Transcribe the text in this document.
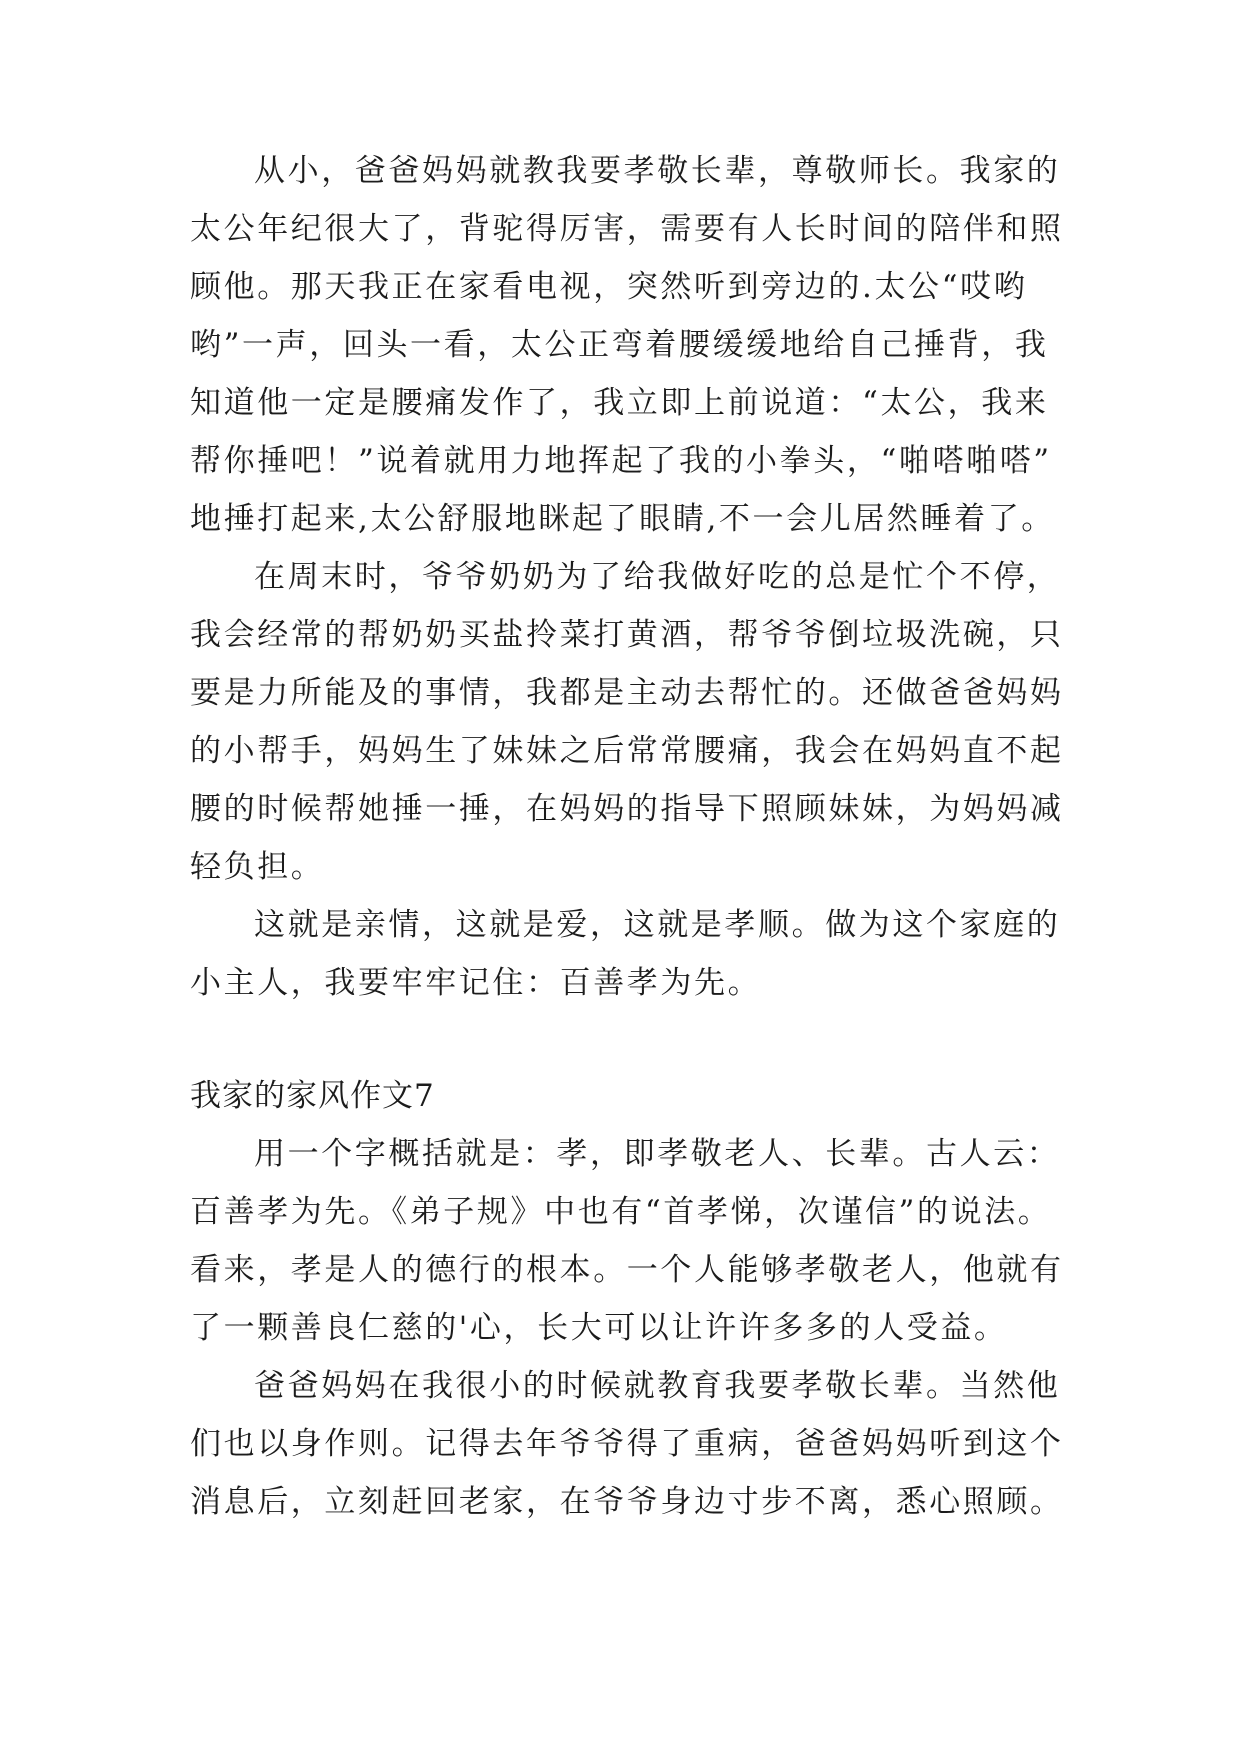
从小，爸爸妈妈就教我要孝敬长辈，尊敬师长。我家的
太公年纪很大了，背驼得厉害，需要有人长时间的陪伴和照
顾他。那天我正在家看电视，突然听到旁边的.太公“哎哟
哟”一声，回头一看，太公正弯着腰缓缓地给自己捶背，我
知道他一定是腰痛发作了，我立即上前说道：“太公，我来
帮你捶吧！”说着就用力地挥起了我的小拳头，“啪嗒啪嗒”
地捶打起来,太公舒服地眯起了眼睛,不一会儿居然睡着了。
在周末时，爷爷奶奶为了给我做好吃的总是忙个不停，
我会经常的帮奶奶买盐拎菜打黄酒，帮爷爷倒垃圾洗碗，只
要是力所能及的事情，我都是主动去帮忙的。还做爸爸妈妈
的小帮手，妈妈生了妹妹之后常常腰痛，我会在妈妈直不起
腰的时候帮她捶一捶，在妈妈的指导下照顾妹妹，为妈妈减
轻负担。
这就是亲情，这就是爱，这就是孝顺。做为这个家庭的
小主人，我要牢牢记住：百善孝为先。
我家的家风作文7
用一个字概括就是：孝，即孝敬老人、长辈。古人云：
百善孝为先。《弟子规》中也有“首孝悌，次谨信”的说法。
看来，孝是人的德行的根本。一个人能够孝敬老人，他就有
了一颗善良仁慈的'心，长大可以让许许多多的人受益。
爸爸妈妈在我很小的时候就教育我要孝敬长辈。当然他
们也以身作则。记得去年爷爷得了重病，爸爸妈妈听到这个
消息后，立刻赶回老家，在爷爷身边寸步不离，悉心照顾。
